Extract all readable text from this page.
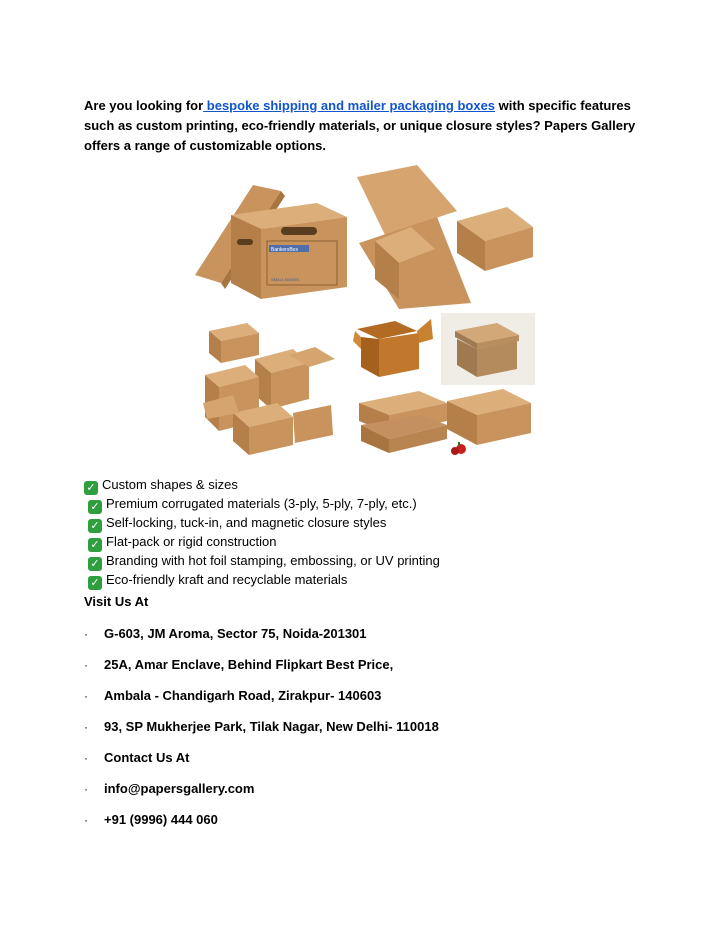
Are you looking for bespoke shipping and mailer packaging boxes with specific features such as custom printing, eco-friendly materials, or unique closure styles? Papers Gallery offers a range of customizable options.

BankersBox
SMALL BOXES
✓ Custom shapes & sizes
✓ Premium corrugated materials (3-ply, 5-ply, 7-ply, etc.)
✓ Self-locking, tuck-in, and magnetic closure styles
✓ Flat-pack or rigid construction
✓ Branding with hot foil stamping, embossing, or UV printing
✓ Eco-friendly kraft and recyclable materials

Visit Us At

· G-603, JM Aroma, Sector 75, Noida-201301

· 25A, Amar Enclave, Behind Flipkart Best Price,

· Ambala - Chandigarh Road, Zirakpur- 140603

· 93, SP Mukherjee Park, Tilak Nagar, New Delhi- 110018

· Contact Us At

· info@papersgallery.com

· +91 (9996) 444 060
